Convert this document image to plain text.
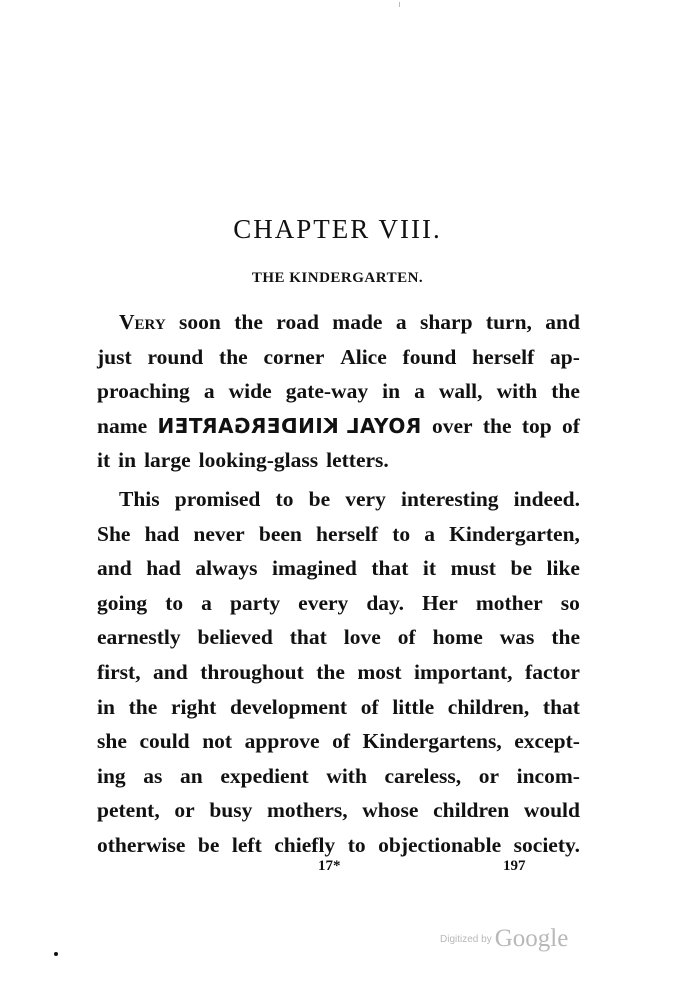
CHAPTER VIII.
THE KINDERGARTEN.
Very soon the road made a sharp turn, and
just round the corner Alice found herself ap-
proaching a wide gate-way in a wall, with the
name ROYAL KINDERGARTEN over the top of
it in large looking-glass letters.
This promised to be very interesting indeed.
She had never been herself to a Kindergarten,
and had always imagined that it must be like
going to a party every day. Her mother so
earnestly believed that love of home was the
first, and throughout the most important, factor
in the right development of little children, that
she could not approve of Kindergartens, except-
ing as an expedient with careless, or incom-
petent, or busy mothers, whose children would
otherwise be left chiefly to objectionable society.
17*	197
Digitized by Google
